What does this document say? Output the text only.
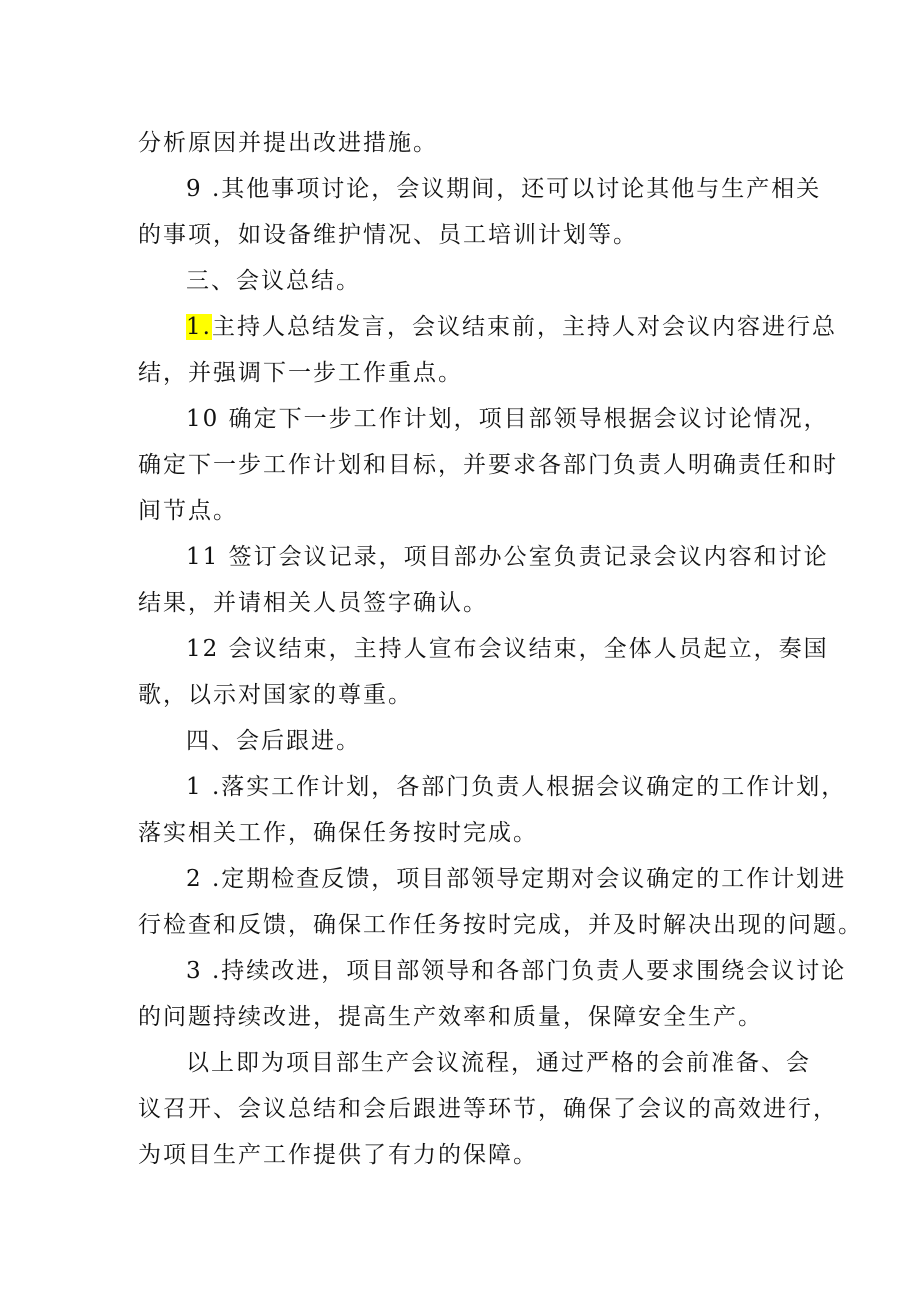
分析原因并提出改进措施。
9 .其他事项讨论，会议期间，还可以讨论其他与生产相关
的事项，如设备维护情况、员工培训计划等。
三、会议总结。
1.主持人总结发言，会议结束前，主持人对会议内容进行总
结，并强调下一步工作重点。
10 确定下一步工作计划，项目部领导根据会议讨论情况，
确定下一步工作计划和目标，并要求各部门负责人明确责任和时
间节点。
11 签订会议记录，项目部办公室负责记录会议内容和讨论
结果，并请相关人员签字确认。
12 会议结束，主持人宣布会议结束，全体人员起立，奏国
歌，以示对国家的尊重。
四、会后跟进。
1 .落实工作计划，各部门负责人根据会议确定的工作计划，
落实相关工作，确保任务按时完成。
2 .定期检查反馈，项目部领导定期对会议确定的工作计划进
行检查和反馈，确保工作任务按时完成，并及时解决出现的问题。
3 .持续改进，项目部领导和各部门负责人要求围绕会议讨论
的问题持续改进，提高生产效率和质量，保障安全生产。
以上即为项目部生产会议流程，通过严格的会前准备、会
议召开、会议总结和会后跟进等环节，确保了会议的高效进行，
为项目生产工作提供了有力的保障。
